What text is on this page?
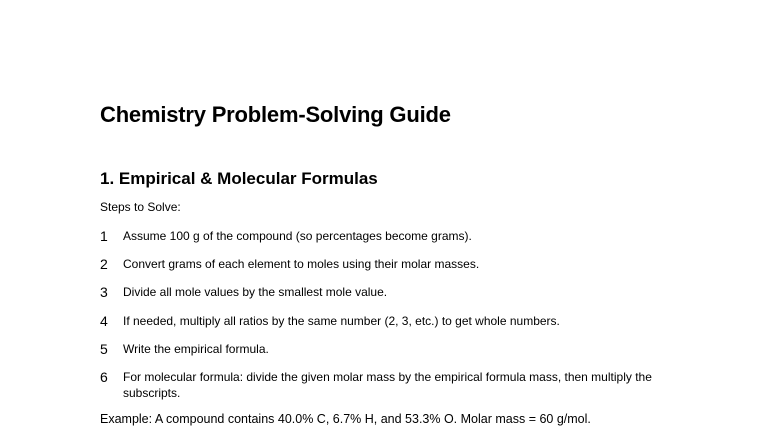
Chemistry Problem-Solving Guide
1. Empirical & Molecular Formulas

Steps to Solve:

1 Assume 100 g of the compound (so percentages become grams).
2 Convert grams of each element to moles using their molar masses.
3 Divide all mole values by the smallest mole value.
4 If needed, multiply all ratios by the same number (2, 3, etc.) to get whole numbers.
5 Write the empirical formula.
6 For molecular formula: divide the given molar mass by the empirical formula mass, then multiply the subscripts.

Example: A compound contains 40.0% C, 6.7% H, and 53.3% O. Molar mass = 60 g/mol.
